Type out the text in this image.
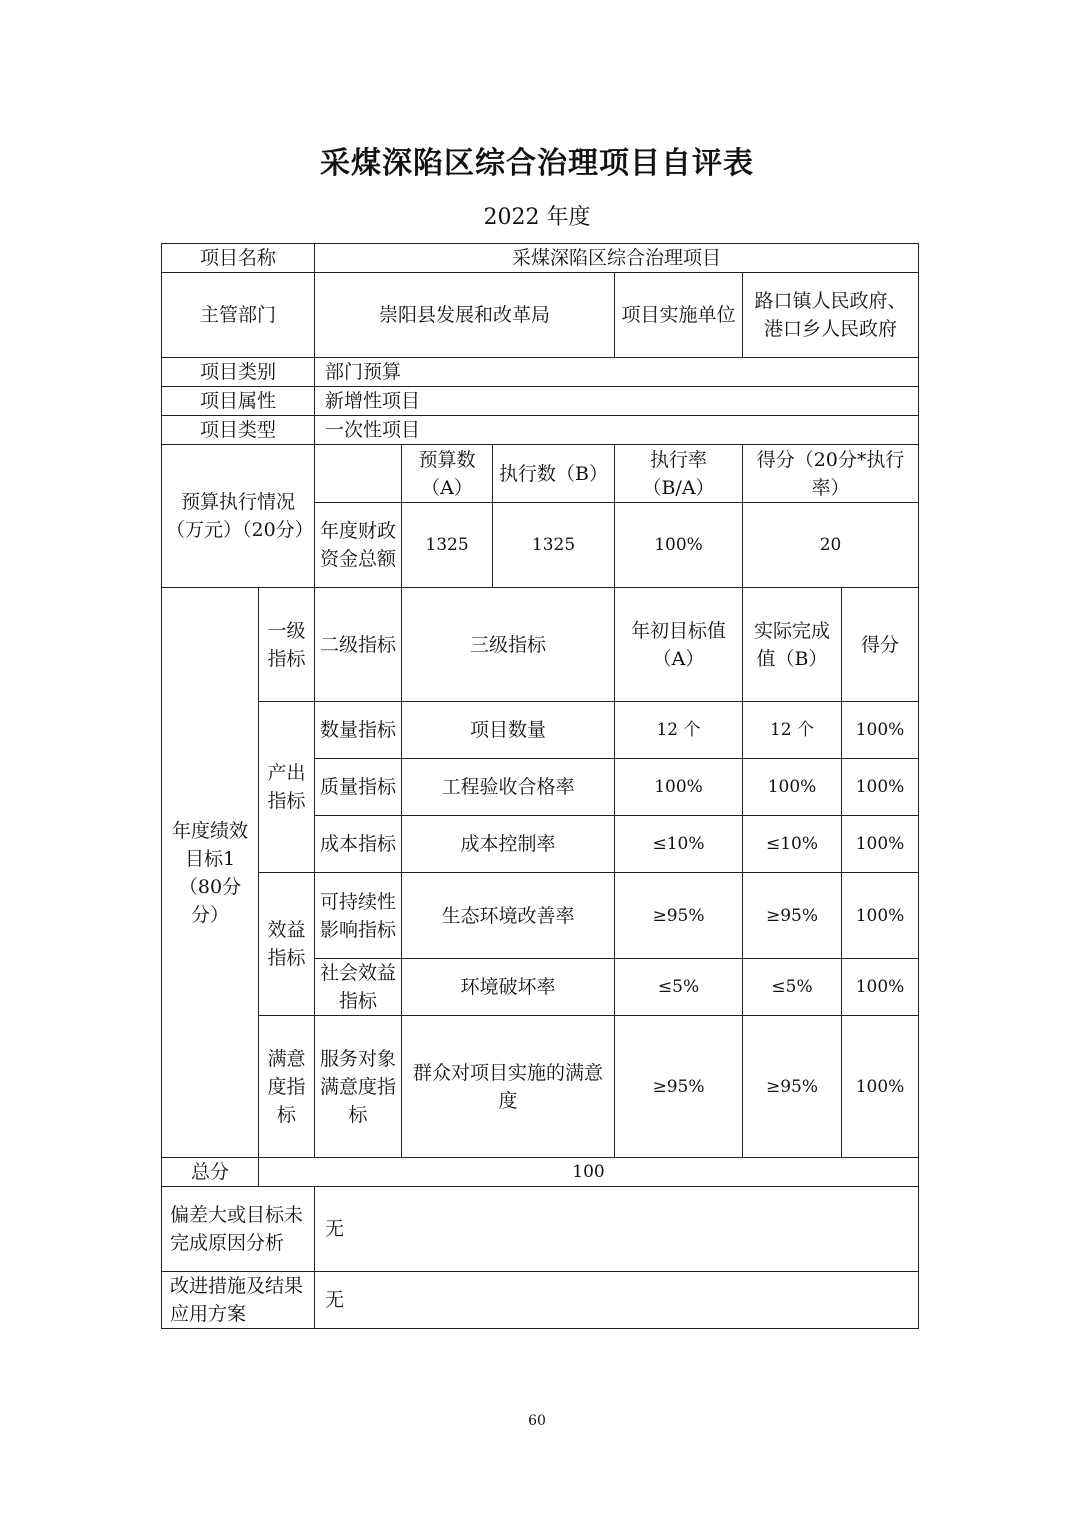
采煤深陷区综合治理项目自评表
2022 年度
项目名称		采煤深陷区综合治理项目					
主管部门		崇阳县发展和改革局			项目实施单位	路口镇人民政府、港口乡人民政府	
项目类别		部门预算					
项目属性		新增性项目					
项目类型		一次性项目					
预算执行情况（万元）（20分）			预算数（A）	执行数（B）	执行率（B/A）	得分（20分*执行率）	
		年度财政资金总额	1325	1325	100%	20	
年度绩效目标1（80分分）	一级指标	二级指标	三级指标		年初目标值（A）	实际完成值（B）	得分
	产出指标	数量指标	项目数量		12 个	12 个	100%
		质量指标	工程验收合格率		100%	100%	100%
		成本指标	成本控制率		≤10%	≤10%	100%
	效益指标	可持续性影响指标	生态环境改善率		≥95%	≥95%	100%
		社会效益指标	环境破坏率		≤5%	≤5%	100%
	满意度指标	服务对象满意度指标	群众对项目实施的满意度		≥95%	≥95%	100%
总分	100						
偏差大或目标未完成原因分析		无					
改进措施及结果应用方案		无					
60
